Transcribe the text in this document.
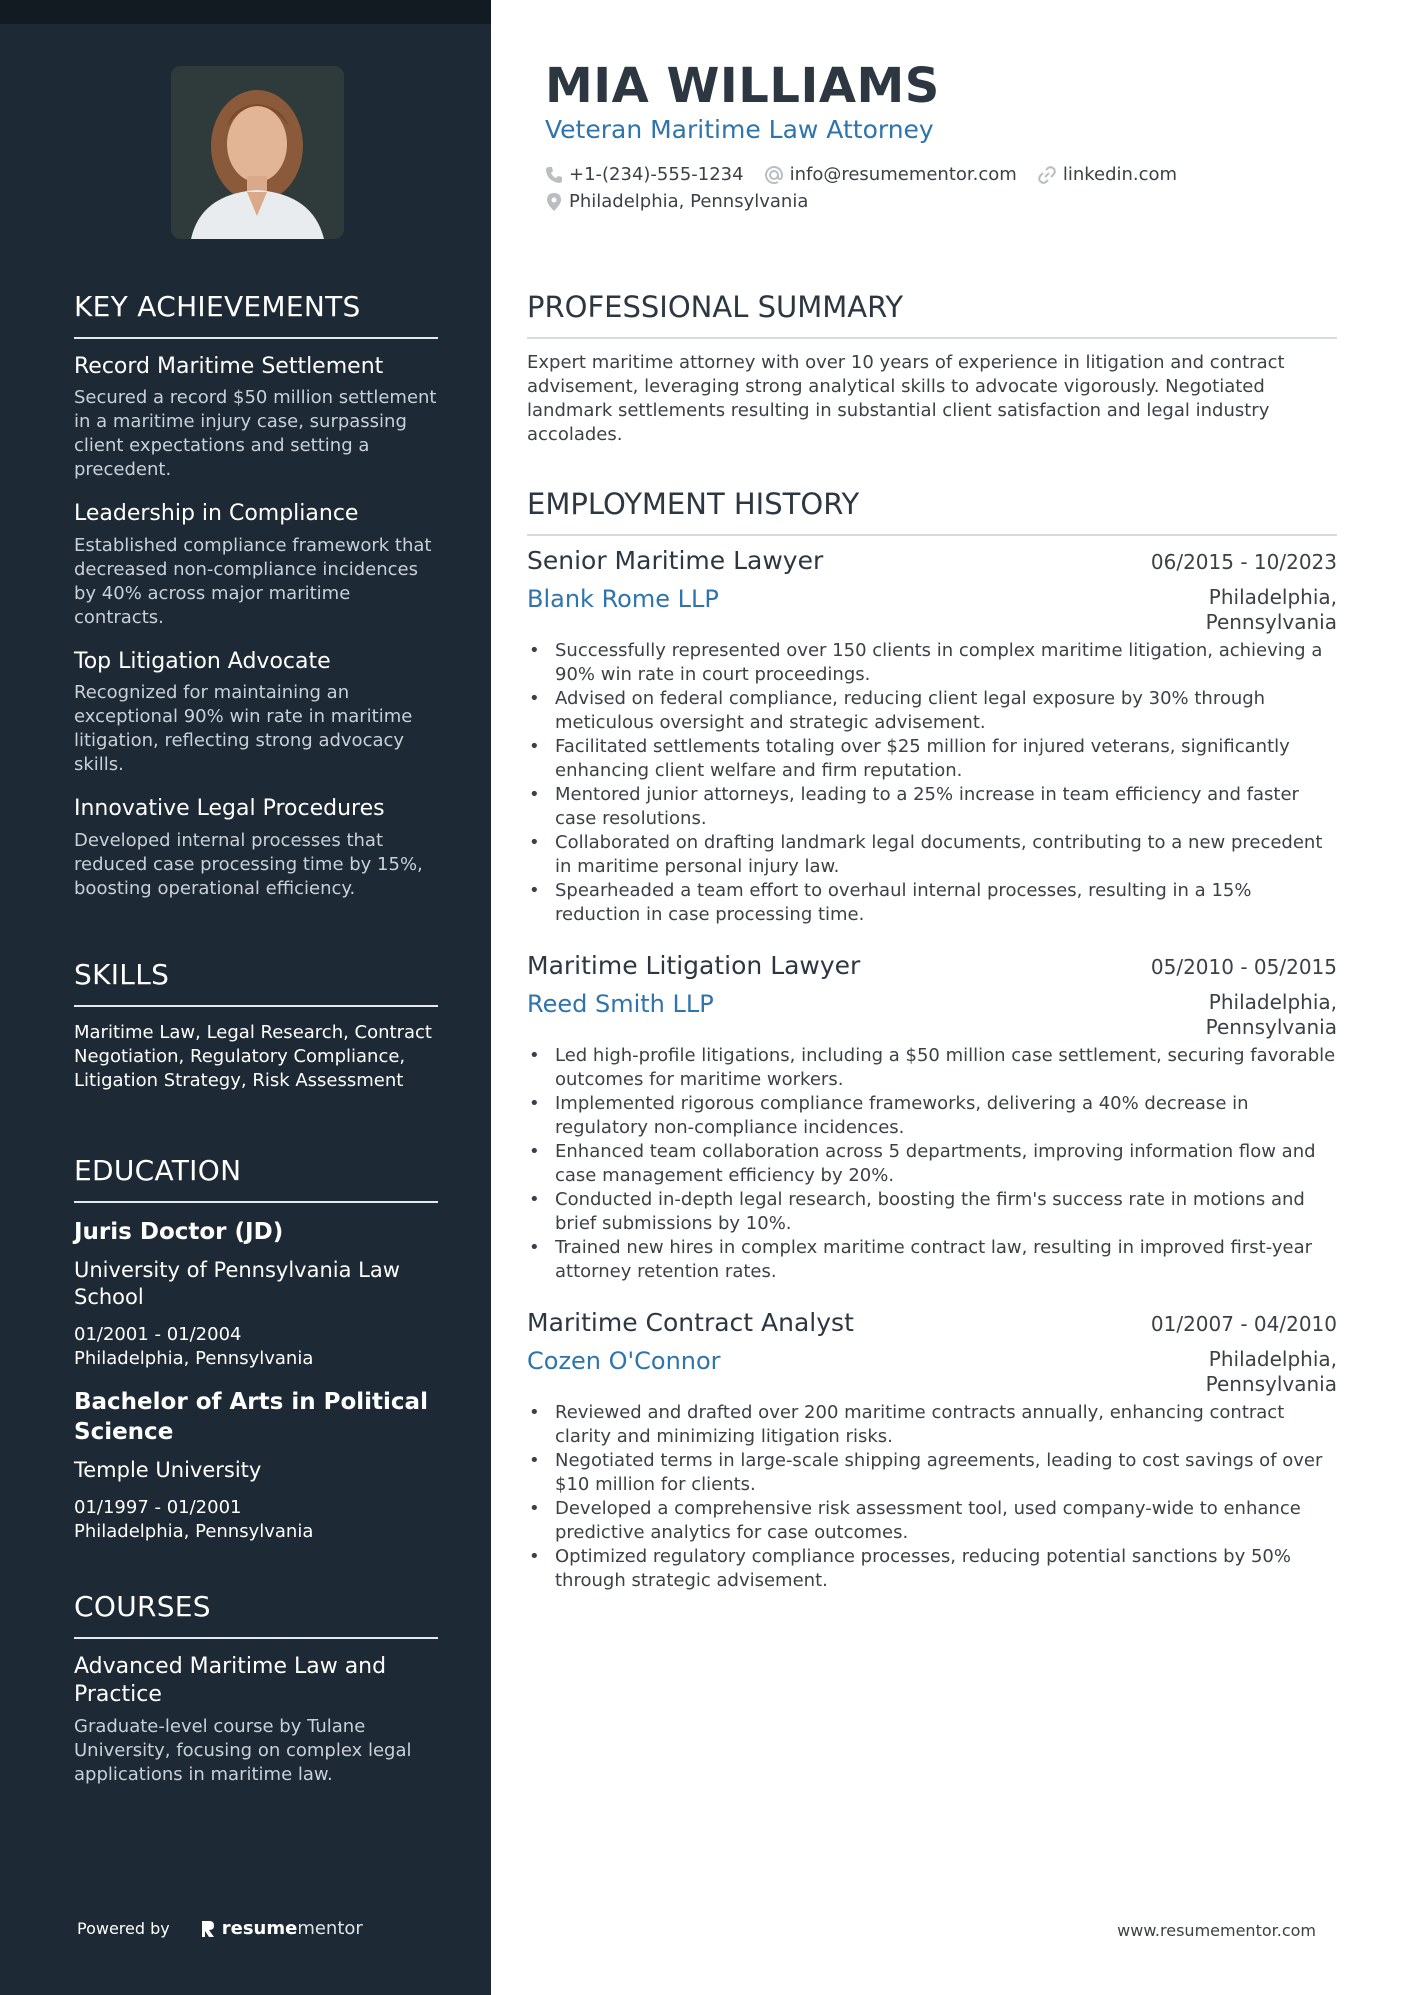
KEY ACHIEVEMENTS
Record Maritime Settlement
Secured a record $50 million settlement in a maritime injury case, surpassing client expectations and setting a precedent.
Leadership in Compliance
Established compliance framework that decreased non-compliance incidences by 40% across major maritime contracts.
Top Litigation Advocate
Recognized for maintaining an exceptional 90% win rate in maritime litigation, reflecting strong advocacy skills.
Innovative Legal Procedures
Developed internal processes that reduced case processing time by 15%, boosting operational efficiency.
SKILLS
Maritime Law, Legal Research, Contract Negotiation, Regulatory Compliance, Litigation Strategy, Risk Assessment
EDUCATION
Juris Doctor (JD)
University of Pennsylvania Law School
01/2001 - 01/2004
Philadelphia, Pennsylvania
Bachelor of Arts in Political Science
Temple University
01/1997 - 01/2001
Philadelphia, Pennsylvania
COURSES
Advanced Maritime Law and Practice
Graduate-level course by Tulane University, focusing on complex legal applications in maritime law.
Powered by	resumementor
MIA WILLIAMS
Veteran Maritime Law Attorney
+1-(234)-555-1234	info@resumementor.com	linkedin.com
Philadelphia, Pennsylvania
PROFESSIONAL SUMMARY
Expert maritime attorney with over 10 years of experience in litigation and contract advisement, leveraging strong analytical skills to advocate vigorously. Negotiated landmark settlements resulting in substantial client satisfaction and legal industry accolades.
EMPLOYMENT HISTORY
Senior Maritime Lawyer	06/2015 - 10/2023
Blank Rome LLP	Philadelphia, Pennsylvania
• Successfully represented over 150 clients in complex maritime litigation, achieving a 90% win rate in court proceedings.
• Advised on federal compliance, reducing client legal exposure by 30% through meticulous oversight and strategic advisement.
• Facilitated settlements totaling over $25 million for injured veterans, significantly enhancing client welfare and firm reputation.
• Mentored junior attorneys, leading to a 25% increase in team efficiency and faster case resolutions.
• Collaborated on drafting landmark legal documents, contributing to a new precedent in maritime personal injury law.
• Spearheaded a team effort to overhaul internal processes, resulting in a 15% reduction in case processing time.
Maritime Litigation Lawyer	05/2010 - 05/2015
Reed Smith LLP	Philadelphia, Pennsylvania
• Led high-profile litigations, including a $50 million case settlement, securing favorable outcomes for maritime workers.
• Implemented rigorous compliance frameworks, delivering a 40% decrease in regulatory non-compliance incidences.
• Enhanced team collaboration across 5 departments, improving information flow and case management efficiency by 20%.
• Conducted in-depth legal research, boosting the firm's success rate in motions and brief submissions by 10%.
• Trained new hires in complex maritime contract law, resulting in improved first-year attorney retention rates.
Maritime Contract Analyst	01/2007 - 04/2010
Cozen O'Connor	Philadelphia, Pennsylvania
• Reviewed and drafted over 200 maritime contracts annually, enhancing contract clarity and minimizing litigation risks.
• Negotiated terms in large-scale shipping agreements, leading to cost savings of over $10 million for clients.
• Developed a comprehensive risk assessment tool, used company-wide to enhance predictive analytics for case outcomes.
• Optimized regulatory compliance processes, reducing potential sanctions by 50% through strategic advisement.
www.resumementor.com
